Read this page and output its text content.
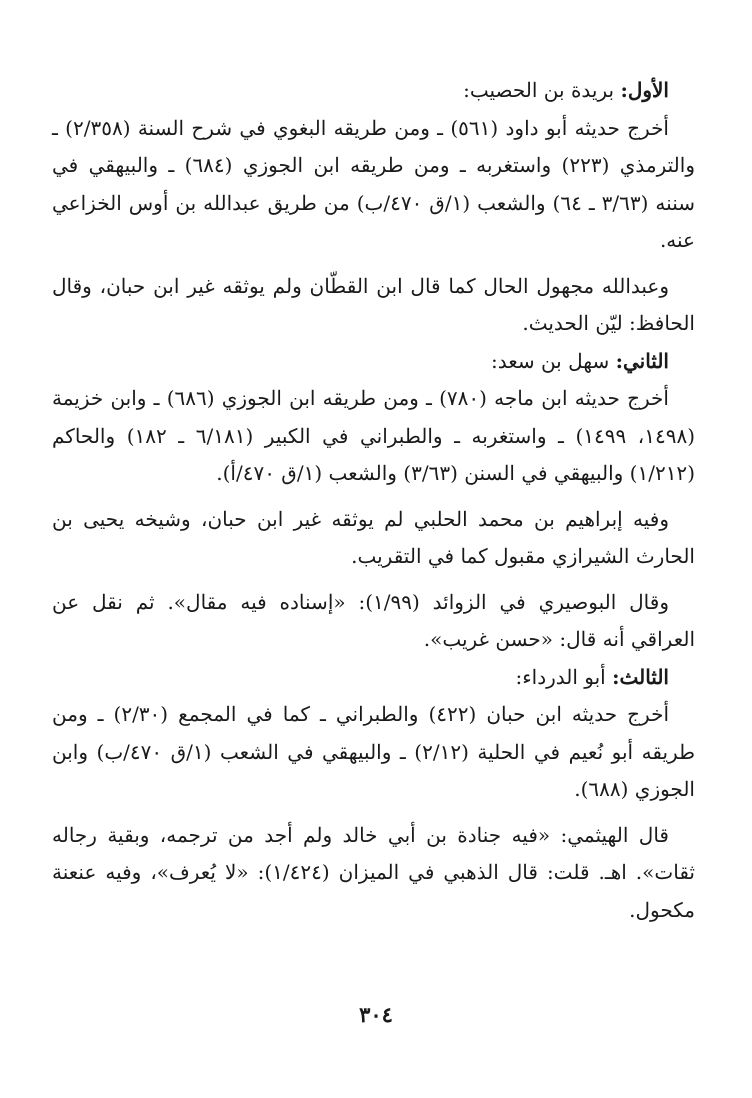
الأول: بريدة بن الحصيب:

أخرج حديثه أبو داود (٥٦١) ـ ومن طريقه البغوي في شرح السنة (٢/٣٥٨) ـ والترمذي (٢٢٣) واستغربه ـ ومن طريقه ابن الجوزي (٦٨٤) ـ والبيهقي في سننه (٣/٦٣ ـ ٦٤) والشعب (١/ق ٤٧٠/ب) من طريق عبدالله بن أوس الخزاعي عنه.

وعبدالله مجهول الحال كما قال ابن القطّان ولم يوثقه غير ابن حبان، وقال الحافظ: ليّن الحديث.

الثاني: سهل بن سعد:

أخرج حديثه ابن ماجه (٧٨٠) ـ ومن طريقه ابن الجوزي (٦٨٦) ـ وابن خزيمة (١٤٩٨، ١٤٩٩) ـ واستغربه ـ والطبراني في الكبير (٦/١٨١ ـ ١٨٢) والحاكم (١/٢١٢) والبيهقي في السنن (٣/٦٣) والشعب (١/ق ٤٧٠/أ).

وفيه إبراهيم بن محمد الحلبي لم يوثقه غير ابن حبان، وشيخه يحيى بن الحارث الشيرازي مقبول كما في التقريب.

وقال البوصيري في الزوائد (١/٩٩): «إسناده فيه مقال». ثم نقل عن العراقي أنه قال: «حسن غريب».

الثالث: أبو الدرداء:

أخرج حديثه ابن حبان (٤٢٢) والطبراني ـ كما في المجمع (٢/٣٠) ـ ومن طريقه أبو نُعيم في الحلية (٢/١٢) ـ والبيهقي في الشعب (١/ق ٤٧٠/ب) وابن الجوزي (٦٨٨).

قال الهيثمي: «فيه جنادة بن أبي خالد ولم أجد من ترجمه، وبقية رجاله ثقات». اهـ. قلت: قال الذهبي في الميزان (١/٤٢٤): «لا يُعرف»، وفيه عنعنة مكحول.

٣٠٤
